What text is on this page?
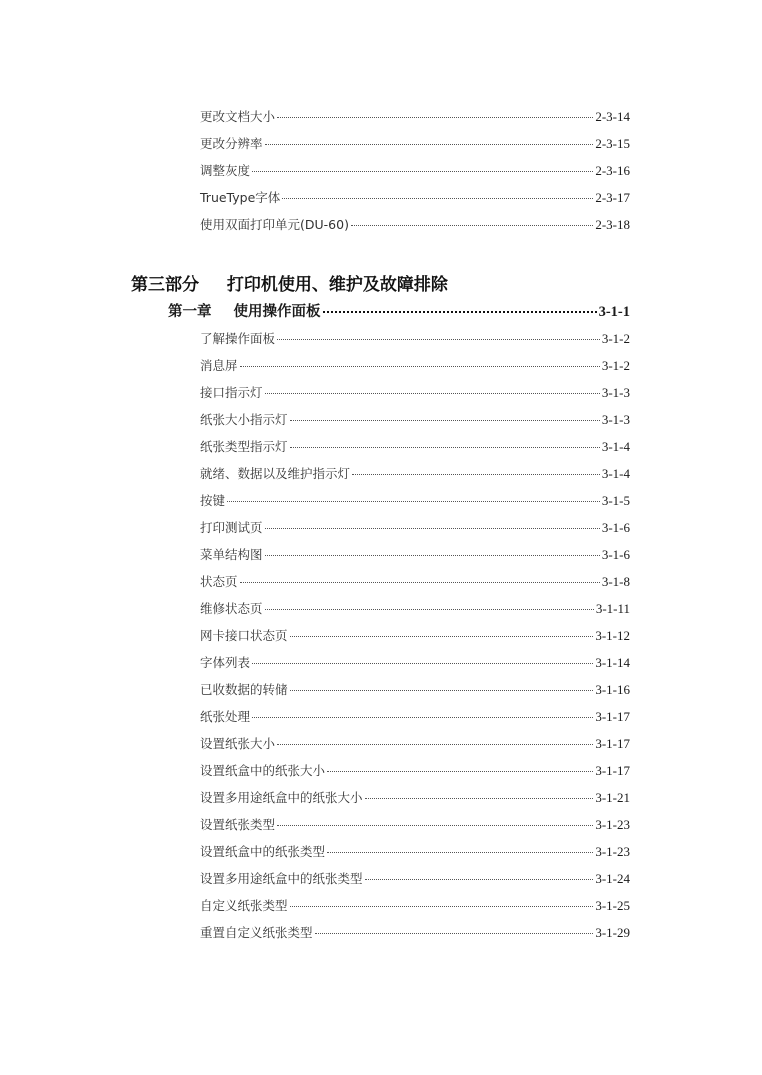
更改文档大小	2-3-14
更改分辨率	2-3-15
调整灰度	2-3-16
TrueType字体	2-3-17
使用双面打印单元(DU-60)	2-3-18
第三部分 打印机使用、维护及故障排除
第一章 使用操作面板	3-1-1
了解操作面板	3-1-2
消息屏	3-1-2
接口指示灯	3-1-3
纸张大小指示灯	3-1-3
纸张类型指示灯	3-1-4
就绪、数据以及维护指示灯	3-1-4
按键	3-1-5
打印测试页	3-1-6
菜单结构图	3-1-6
状态页	3-1-8
维修状态页	3-1-11
网卡接口状态页	3-1-12
字体列表	3-1-14
已收数据的转储	3-1-16
纸张处理	3-1-17
设置纸张大小	3-1-17
设置纸盒中的纸张大小	3-1-17
设置多用途纸盒中的纸张大小	3-1-21
设置纸张类型	3-1-23
设置纸盒中的纸张类型	3-1-23
设置多用途纸盒中的纸张类型	3-1-24
自定义纸张类型	3-1-25
重置自定义纸张类型	3-1-29
